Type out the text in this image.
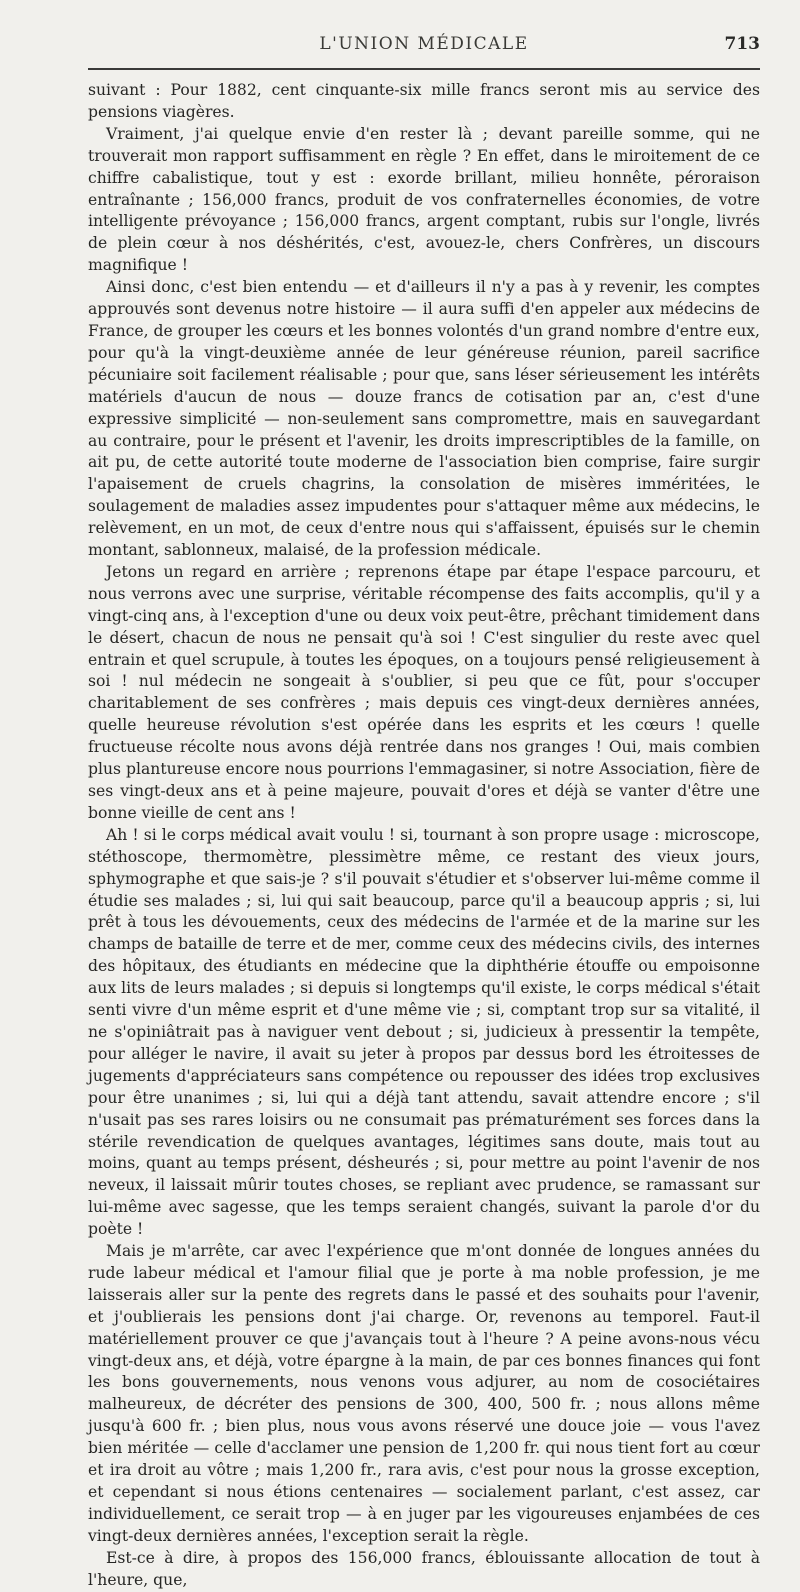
L'UNION MÉDICALE	713

suivant : Pour 1882, cent cinquante-six mille francs seront mis au service des pensions viagères.

Vraiment, j'ai quelque envie d'en rester là ; devant pareille somme, qui ne trouverait mon rapport suffisamment en règle ? En effet, dans le miroitement de ce chiffre cabalistique, tout y est : exorde brillant, milieu honnête, péroraison entraînante ; 156,000 francs, produit de vos confraternelles économies, de votre intelligente prévoyance ; 156,000 francs, argent comptant, rubis sur l'ongle, livrés de plein cœur à nos déshérités, c'est, avouez-le, chers Confrères, un discours magnifique !

Ainsi donc, c'est bien entendu — et d'ailleurs il n'y a pas à y revenir, les comptes approuvés sont devenus notre histoire — il aura suffi d'en appeler aux médecins de France, de grouper les cœurs et les bonnes volontés d'un grand nombre d'entre eux, pour qu'à la vingt-deuxième année de leur généreuse réunion, pareil sacrifice pécuniaire soit facilement réalisable ; pour que, sans léser sérieusement les intérêts matériels d'aucun de nous — douze francs de cotisation par an, c'est d'une expressive simplicité — non-seulement sans compromettre, mais en sauvegardant au contraire, pour le présent et l'avenir, les droits imprescriptibles de la famille, on ait pu, de cette autorité toute moderne de l'association bien comprise, faire surgir l'apaisement de cruels chagrins, la consolation de misères imméritées, le soulagement de maladies assez impudentes pour s'attaquer même aux médecins, le relèvement, en un mot, de ceux d'entre nous qui s'affaissent, épuisés sur le chemin montant, sablonneux, malaisé, de la profession médicale.

Jetons un regard en arrière ; reprenons étape par étape l'espace parcouru, et nous verrons avec une surprise, véritable récompense des faits accomplis, qu'il y a vingt-cinq ans, à l'exception d'une ou deux voix peut-être, prêchant timidement dans le désert, chacun de nous ne pensait qu'à soi ! C'est singulier du reste avec quel entrain et quel scrupule, à toutes les époques, on a toujours pensé religieusement à soi ! nul médecin ne songeait à s'oublier, si peu que ce fût, pour s'occuper charitablement de ses confrères ; mais depuis ces vingt-deux dernières années, quelle heureuse révolution s'est opérée dans les esprits et les cœurs ! quelle fructueuse récolte nous avons déjà rentrée dans nos granges ! Oui, mais combien plus plantureuse encore nous pourrions l'emmagasiner, si notre Association, fière de ses vingt-deux ans et à peine majeure, pouvait d'ores et déjà se vanter d'être une bonne vieille de cent ans !

Ah ! si le corps médical avait voulu ! si, tournant à son propre usage : microscope, stéthoscope, thermomètre, plessimètre même, ce restant des vieux jours, sphymographe et que sais-je ? s'il pouvait s'étudier et s'observer lui-même comme il étudie ses malades ; si, lui qui sait beaucoup, parce qu'il a beaucoup appris ; si, lui prêt à tous les dévouements, ceux des médecins de l'armée et de la marine sur les champs de bataille de terre et de mer, comme ceux des médecins civils, des internes des hôpitaux, des étudiants en médecine que la diphthérie étouffe ou empoisonne aux lits de leurs malades ; si depuis si longtemps qu'il existe, le corps médical s'était senti vivre d'un même esprit et d'une même vie ; si, comptant trop sur sa vitalité, il ne s'opiniâtrait pas à naviguer vent debout ; si, judicieux à pressentir la tempête, pour alléger le navire, il avait su jeter à propos par dessus bord les étroitesses de jugements d'appréciateurs sans compétence ou repousser des idées trop exclusives pour être unanimes ; si, lui qui a déjà tant attendu, savait attendre encore ; s'il n'usait pas ses rares loisirs ou ne consumait pas prématurément ses forces dans la stérile revendication de quelques avantages, légitimes sans doute, mais tout au moins, quant au temps présent, désheurés ; si, pour mettre au point l'avenir de nos neveux, il laissait mûrir toutes choses, se repliant avec prudence, se ramassant sur lui-même avec sagesse, que les temps seraient changés, suivant la parole d'or du poète !

Mais je m'arrête, car avec l'expérience que m'ont donnée de longues années du rude labeur médical et l'amour filial que je porte à ma noble profession, je me laisserais aller sur la pente des regrets dans le passé et des souhaits pour l'avenir, et j'oublierais les pensions dont j'ai charge. Or, revenons au temporel. Faut-il matériellement prouver ce que j'avançais tout à l'heure ? A peine avons-nous vécu vingt-deux ans, et déjà, votre épargne à la main, de par ces bonnes finances qui font les bons gouvernements, nous venons vous adjurer, au nom de cosociétaires malheureux, de décréter des pensions de 300, 400, 500 fr. ; nous allons même jusqu'à 600 fr. ; bien plus, nous vous avons réservé une douce joie — vous l'avez bien méritée — celle d'acclamer une pension de 1,200 fr. qui nous tient fort au cœur et ira droit au vôtre ; mais 1,200 fr., rara avis, c'est pour nous la grosse exception, et cependant si nous étions centenaires — socialement parlant, c'est assez, car individuellement, ce serait trop — à en juger par les vigoureuses enjambées de ces vingt-deux dernières années, l'exception serait la règle.

Est-ce à dire, à propos des 156,000 francs, éblouissante allocation de tout à l'heure, que,
